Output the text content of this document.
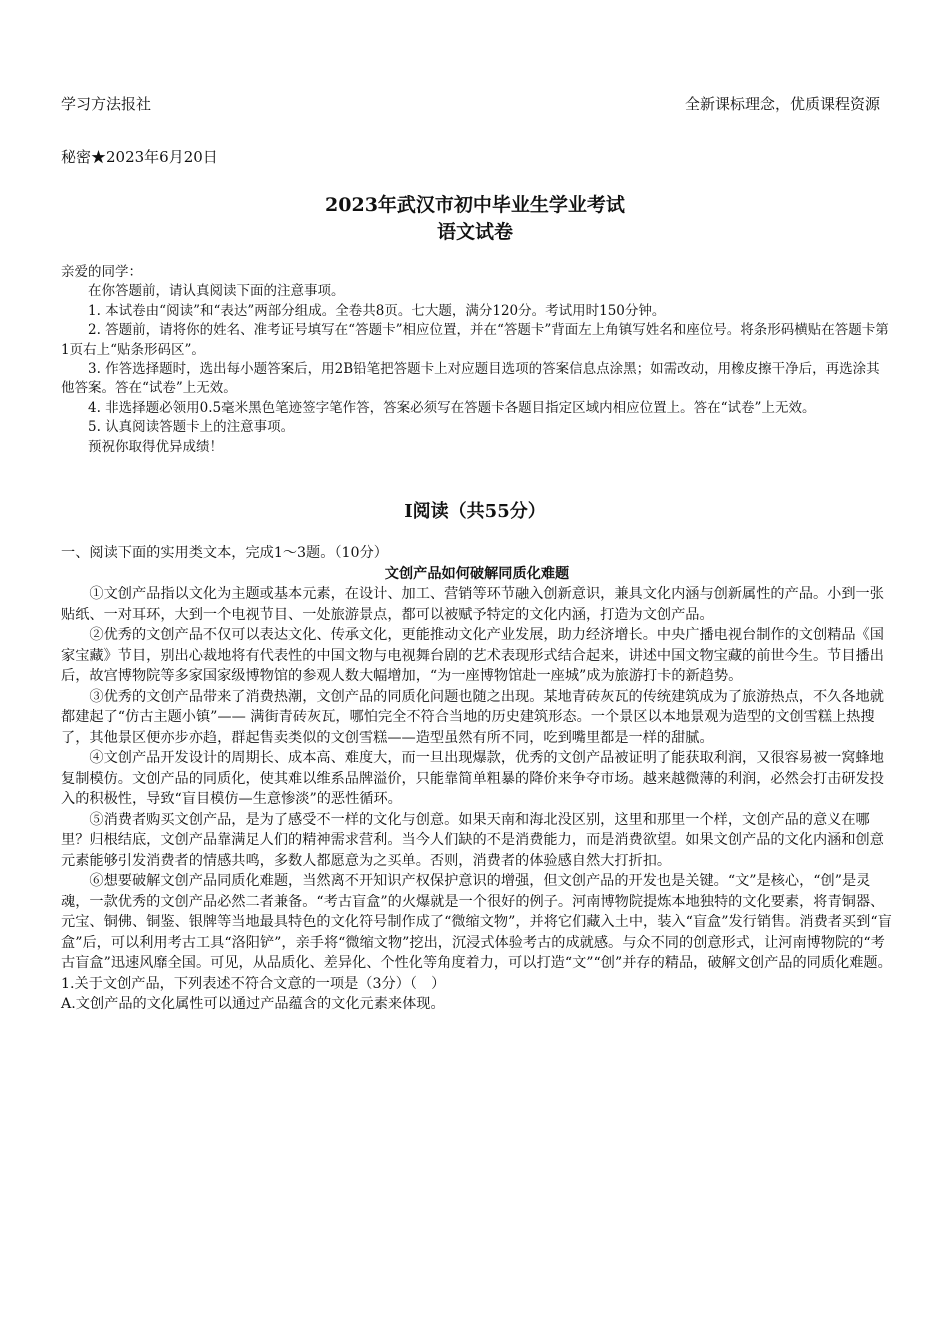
学习方法报社	全新课标理念，优质课程资源
秘密★2023年6月20日
2023年武汉市初中毕业生学业考试
语文试卷

亲爱的同学：

在你答题前，请认真阅读下面的注意事项。

1. 本试卷由“阅读”和“表达”两部分组成。全卷共8页。七大题，满分120分。考试用时150分钟。

2. 答题前，请将你的姓名、准考证号填写在“答题卡”相应位置，并在“答题卡”背面左上角镇写姓名和座位号。将条形码横贴在答题卡第1页右上“贴条形码区”。

3. 作答选择题时，选出每小题答案后，用2B铅笔把答题卡上对应题目选项的答案信息点涂黑；如需改动，用橡皮擦干净后，再选涂其他答案。答在“试卷”上无效。

4. 非选择题必领用0.5毫米黑色笔迹签字笔作答，答案必须写在答题卡各题目指定区域内相应位置上。答在“试卷”上无效。

5. 认真阅读答题卡上的注意事项。

预祝你取得优异成绩！

I阅读（共55分）

一、阅读下面的实用类文本，完成1～3题。（10分）

文创产品如何破解同质化难题

①文创产品指以文化为主题或基本元素，在设计、加工、营销等环节融入创新意识，兼具文化内涵与创新属性的产品。小到一张贴纸、一对耳环，大到一个电视节目、一处旅游景点，都可以被赋予特定的文化内涵，打造为文创产品。

②优秀的文创产品不仅可以表达文化、传承文化，更能推动文化产业发展，助力经济增长。中央广播电视台制作的文创精品《国家宝藏》节目，别出心裁地将有代表性的中国文物与电视舞台剧的艺术表现形式结合起来，讲述中国文物宝藏的前世今生。节目播出后，故宫博物院等多家国家级博物馆的参观人数大幅增加，“为一座博物馆赴一座城”成为旅游打卡的新趋势。

③优秀的文创产品带来了消费热潮，文创产品的同质化问题也随之出现。某地青砖灰瓦的传统建筑成为了旅游热点，不久各地就都建起了“仿古主题小镇”—— 满街青砖灰瓦，哪怕完全不符合当地的历史建筑形态。一个景区以本地景观为造型的文创雪糕上热搜了，其他景区便亦步亦趋，群起售卖类似的文创雪糕——造型虽然有所不同，吃到嘴里都是一样的甜腻。

④文创产品开发设计的周期长、成本高、难度大，而一旦出现爆款，优秀的文创产品被证明了能获取利润，又很容易被一窝蜂地复制模仿。文创产品的同质化，使其难以维系品牌溢价，只能靠简单粗暴的降价来争夺市场。越来越微薄的利润，必然会打击研发投入的积极性，导致“盲目模仿—生意惨淡”的恶性循环。

⑤消费者购买文创产品，是为了感受不一样的文化与创意。如果天南和海北没区别，这里和那里一个样，文创产品的意义在哪里？归根结底，文创产品靠满足人们的精神需求营利。当今人们缺的不是消费能力，而是消费欲望。如果文创产品的文化内涵和创意元素能够引发消费者的情感共鸣，多数人都愿意为之买单。否则，消费者的体验感自然大打折扣。

⑥想要破解文创产品同质化难题，当然离不开知识产权保护意识的增强，但文创产品的开发也是关键。“文”是核心，“创”是灵魂，一款优秀的文创产品必然二者兼备。“考古盲盒”的火爆就是一个很好的例子。河南博物院提炼本地独特的文化要素，将青铜器、元宝、铜佛、铜鉴、银牌等当地最具特色的文化符号制作成了“微缩文物”，并将它们藏入土中，装入“盲盒”发行销售。消费者买到“盲盒”后，可以利用考古工具“洛阳铲”，亲手将“微缩文物”挖出，沉浸式体验考古的成就感。与众不同的创意形式，让河南博物院的“考古盲盒”迅速风靡全国。可见，从品质化、差异化、个性化等角度着力，可以打造“文”“创”并存的精品，破解文创产品的同质化难题。

1.关于文创产品，下列表述不符合文意的一项是（3分）（　）

A.文创产品的文化属性可以通过产品蕴含的文化元素来体现。
